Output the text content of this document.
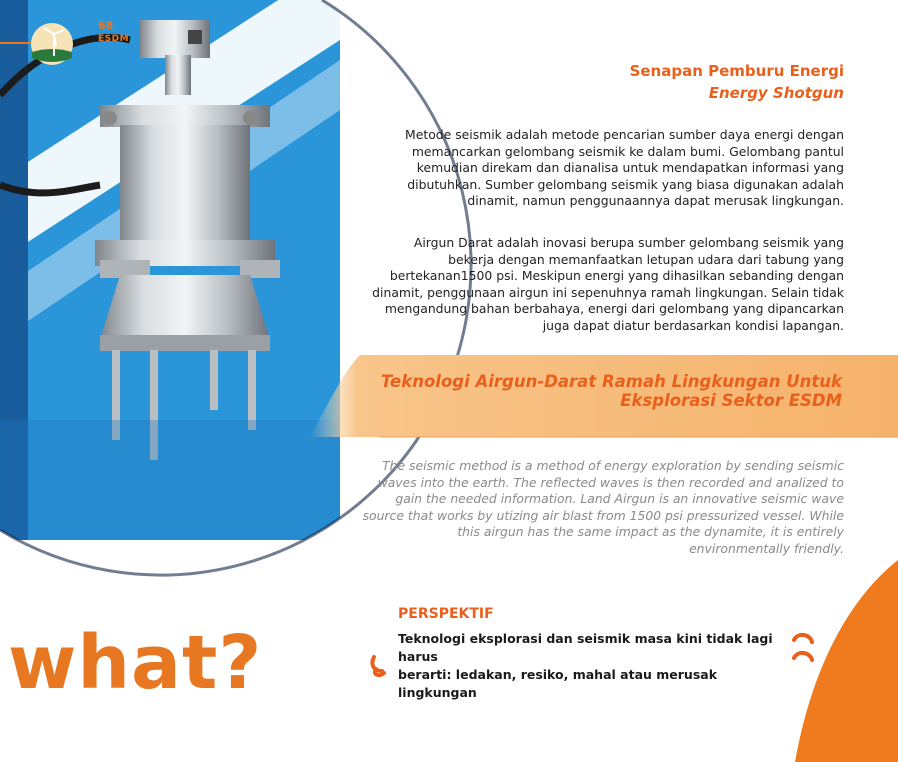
68
ESDM
Senapan Pemburu Energi
Energy Shotgun
Metode seismik adalah metode pencarian sumber daya energi dengan memancarkan gelombang seismik ke dalam bumi. Gelombang pantul kemudian direkam dan dianalisa untuk mendapatkan informasi yang dibutuhkan. Sumber gelombang seismik yang biasa digunakan adalah dinamit, namun penggunaannya dapat merusak lingkungan.
Airgun Darat adalah inovasi berupa sumber gelombang seismik yang bekerja dengan memanfaatkan letupan udara dari tabung yang bertekanan1500 psi. Meskipun energi yang dihasilkan sebanding dengan dinamit, penggunaan airgun ini sepenuhnya ramah lingkungan. Selain tidak mengandung bahan berbahaya, energi dari gelombang yang dipancarkan juga dapat diatur berdasarkan kondisi lapangan.
Teknologi Airgun-Darat Ramah Lingkungan Untuk
Eksplorasi Sektor ESDM
The seismic method is a method of energy exploration by sending seismic waves into the earth. The reflected waves is then recorded and analized to gain the needed information. Land Airgun is an innovative seismic wave source that works by utizing air blast from 1500 psi pressurized vessel. While this airgun has the same impact as the dynamite, it is entirely environmentally friendly.
PERSPEKTIF
Teknologi eksplorasi dan seismik masa kini tidak lagi harus
berarti: ledakan, resiko, mahal atau merusak lingkungan
what?
